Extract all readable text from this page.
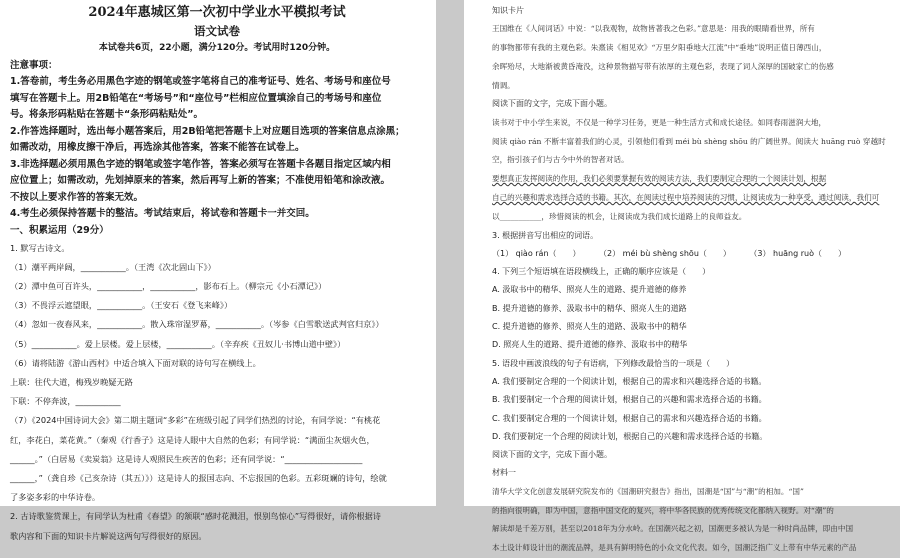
2024年惠城区第一次初中学业水平模拟考试
语文试卷
本试卷共6页，22小题，满分120分。考试用时120分钟。
注意事项：
1.答卷前，考生务必用黑色字迹的钢笔或签字笔将自己的准考证号、姓名、考场号和座位号
填写在答题卡上。用2B铅笔在“考场号”和“座位号”栏相应位置填涂自己的考场号和座位
号。将条形码粘贴在答题卡“条形码粘贴处”。
2.作答选择题时，选出每小题答案后，用2B铅笔把答题卡上对应题目选项的答案信息点涂黑；
如需改动，用橡皮擦干净后，再选涂其他答案，答案不能答在试卷上。
3.非选择题必须用黑色字迹的钢笔或签字笔作答，答案必须写在答题卡各题目指定区域内相
应位置上；如需改动，先划掉原来的答案，然后再写上新的答案；不准使用铅笔和涂改液。
不按以上要求作答的答案无效。
4.考生必须保持答题卡的整洁。考试结束后，将试卷和答题卡一并交回。
一、积累运用（29分）
1. 默写古诗文。
（1）潮平两岸阔，___________。（王湾《次北固山下》）
（2）潭中鱼可百许头，___________，___________，影布石上。（柳宗元《小石潭记》）
（3）不畏浮云遮望眼，___________。（王安石《登飞来峰》）
（4）忽如一夜春风来，___________。散入珠帘湿罗幕，___________。（岑参《白雪歌送武判官归京》）
（5）___________。爱上层楼。爱上层楼，___________。（辛弃疾《丑奴儿·书博山道中壁》）
（6）请将陆游《游山西村》中适合填入下面对联的诗句写在横线上。
上联：往代大道，梅残岁晚疑无路
下联：不停奔波，___________
（7）《2024中国诗词大会》第二期主题词“多彩”在班级引起了同学们热烈的讨论，有同学说：“有桃花
红，李花白，菜花黄。”（秦观《行香子》这是诗人眼中大自然的色彩；有同学说：“满面尘灰烟火色，
______。”（白居易《卖炭翁》这是诗人观照民生疾苦的色彩；还有同学说：“___________________
______，”（龚自珍《己亥杂诗（其五）》）这是诗人的报国志向、不忘报国的色彩。五彩斑斓的诗句，绘就
了多姿多彩的中华诗卷。
2. 古诗歌鉴赏课上，有同学认为杜甫《春望》的颔联“感时花溅泪，恨别鸟惊心”写得很好，请你根据诗
歌内容和下面的知识卡片解说这两句写得很好的原因。
知识卡片
王国维在《人间词话》中说：“以我观物，故物皆著我之色彩。”意思是：用我的眼睛看世界，所有
的事物都带有我的主观色彩。朱熹读《相见欢》“万里夕阳垂地大江流”中“垂地”说明正值日薄西山，
余晖殆尽，大地渐被黄昏淹没，这种景物描写带有浓厚的主观色彩，表现了词人深厚的国破家亡的伤感
情调。
阅读下面的文字，完成下面小题。
读书对于中小学生来说，不仅是一种学习任务，更是一种生活方式和成长途径。如同春雨滋润大地，
阅读 qiào rán 不断丰富着我们的心灵，引领他们看到 méi bù shèng shōu 的广阔世界。阅读大 huāng ruò 穿越时
空，指引孩子们与古今中外的智者对话。
要想真正发挥阅读的作用，我们必须要掌握有效的阅读方法，我们要制定合理的一个阅读计划，根据
自己的兴趣和需求选择合适的书籍。其次，在阅读过程中培养阅读的习惯，让阅读成为一种享受，通过阅读，我们可
以___________，珍惜阅读的机会，让阅读成为我们成长道路上的良师益友。
3. 根据拼音写出相应的词语。
（1） qiào rán（　　） （2） méi bù shèng shōu（　　） （3） huāng ruò（　　）
4. 下列三个短语填在语段横线上，正确的顺序应该是（　　）
A. 汲取书中的精华、照亮人生的道路、提升道德的修养
B. 提升道德的修养、汲取书中的精华、照亮人生的道路
C. 提升道德的修养、照亮人生的道路、汲取书中的精华
D. 照亮人生的道路、提升道德的修养、汲取书中的精华
5. 语段中画波浪线的句子有语病，下列修改最恰当的一项是（　　）
A. 我们要制定合理的一个阅读计划，根据自己的需求和兴趣选择合适的书籍。
B. 我们要制定一个合理的阅读计划，根据自己的兴趣和需求选择合适的书籍。
C. 我们要制定合理的一个阅读计划，根据自己的需求和兴趣选择合适的书籍。
D. 我们要制定一个合理的阅读计划，根据自己的兴趣和需求选择合适的书籍。
阅读下面的文字，完成下面小题。
材料一
清华大学文化创意发展研究院发布的《国潮研究报告》指出，国潮是“国”与“潮”的相加。“国”
的指向很明确，即为中国，意指中国文化的复兴，将中华各民族的优秀传统文化都纳入视野。对“潮”的
解读却是千差万别，甚至以2018年为分水岭。在国潮兴起之初，国潮更多被认为是一种时尚品牌，即由中国
本土设计师设计出的潮流品牌，是具有鲜明特色的小众文化代表。如今，国潮泛指广义上带有中华元素的产品
